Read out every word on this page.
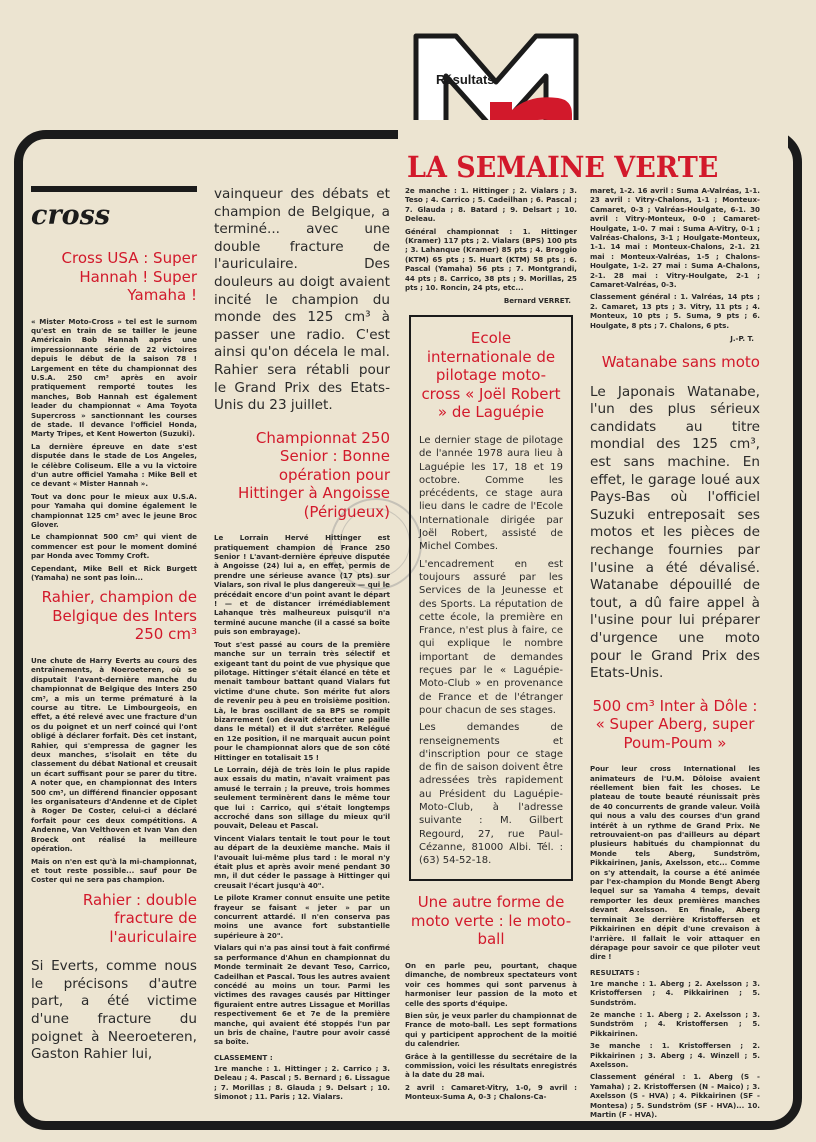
Résultats
LA SEMAINE VERTE
cross
Cross USA : Super Hannah ! Super Yamaha !

« Mister Moto-Cross » tel est le surnom qu'est en train de se tailler le jeune Américain Bob Hannah après une impressionnante série de 22 victoires depuis le début de la saison 78 ! Largement en tête du championnat des U.S.A. 250 cm³ après en avoir pratiquement remporté toutes les manches, Bob Hannah est également leader du championnat « Ama Toyota Supercross » sanctionnant les courses de stade. Il devance l'officiel Honda, Marty Tripes, et Kent Howerton (Suzuki).

La dernière épreuve en date s'est disputée dans le stade de Los Angeles, le célèbre Coliseum. Elle a vu la victoire d'un autre officiel Yamaha : Mike Bell et ce devant « Mister Hannah ».

Tout va donc pour le mieux aux U.S.A. pour Yamaha qui domine également le championnat 125 cm³ avec le jeune Broc Glover.

Le championnat 500 cm³ qui vient de commencer est pour le moment dominé par Honda avec Tommy Croft.

Cependant, Mike Bell et Rick Burgett (Yamaha) ne sont pas loin...

Rahier, champion de Belgique des Inters 250 cm³

Une chute de Harry Everts au cours des entraînements, à Noeroeteren, où se disputait l'avant-dernière manche du championnat de Belgique des Inters 250 cm³, a mis un terme prématuré à la course au titre. Le Limbourgeois, en effet, a été relevé avec une fracture d'un os du poignet et un nerf coincé qui l'ont obligé à déclarer forfait. Dès cet instant, Rahier, qui s'empressa de gagner les deux manches, s'isolait en tête du classement du débat National et creusait un écart suffisant pour se parer du titre. A noter que, en championnat des Inters 500 cm³, un différend financier opposant les organisateurs d'Andenne et de Ciplet à Roger De Coster, celui-ci a déclaré forfait pour ces deux compétitions. A Andenne, Van Velthoven et Ivan Van den Broeck ont réalisé la meilleure opération.

Mais on n'en est qu'à la mi-championnat, et tout reste possible... sauf pour De Coster qui ne sera pas champion.

Rahier : double fracture de l'auriculaire

Si Everts, comme nous le précisons d'autre part, a été victime d'une fracture du poignet à Neeroeteren, Gaston Rahier lui,

vainqueur des débats et champion de Belgique, a terminé... avec une double fracture de l'auriculaire. Des douleurs au doigt avaient incité le champion du monde des 125 cm³ à passer une radio. C'est ainsi qu'on décela le mal. Rahier sera rétabli pour le Grand Prix des Etats-Unis du 23 juillet.

Championnat 250 Senior : Bonne opération pour Hittinger à Angoisse (Périgueux)

Le Lorrain Hervé Hittinger est pratiquement champion de France 250 Senior ! L'avant-dernière épreuve disputée à Angoisse (24) lui a, en effet, permis de prendre une sérieuse avance (17 pts) sur Vialars, son rival le plus dangereux — qui le précédait encore d'un point avant le départ ! — et de distancer irrémédiablement Lahanque très malheureux puisqu'il n'a terminé aucune manche (il a cassé sa boîte puis son embrayage).

Tout s'est passé au cours de la première manche sur un terrain très sélectif et exigeant tant du point de vue physique que pilotage. Hittinger s'était élancé en tête et menait tambour battant quand Vialars fut victime d'une chute. Son mérite fut alors de revenir peu à peu en troisième position. Là, le bras oscillant de sa BPS se rompit bizarrement (on devait détecter une paille dans le métal) et il dut s'arrêter. Relégué en 12e position, il ne marquait aucun point pour le championnat alors que de son côté Hittinger en totalisait 15 !

Le Lorrain, déjà de très loin le plus rapide aux essais du matin, n'avait vraiment pas amusé le terrain ; la preuve, trois hommes seulement terminèrent dans le même tour que lui : Carrico, qui s'était longtemps accroché dans son sillage du mieux qu'il pouvait, Deleau et Pascal.

Vincent Vialars tentait le tout pour le tout au départ de la deuxième manche. Mais il l'avouait lui-même plus tard : le moral n'y était plus et après avoir mené pendant 30 mn, il dut céder le passage à Hittinger qui creusait l'écart jusqu'à 40".

Le pilote Kramer connut ensuite une petite frayeur se faisant « jeter » par un concurrent attardé. Il n'en conserva pas moins une avance fort substantielle supérieure à 20".

Vialars qui n'a pas ainsi tout à fait confirmé sa performance d'Ahun en championnat du Monde terminait 2e devant Teso, Carrico, Cadeilhan et Pascal. Tous les autres avaient concédé au moins un tour. Parmi les victimes des ravages causés par Hittinger figuraient entre autres Lissague et Morillas respectivement 6e et 7e de la première manche, qui avaient été stoppés l'un par un bris de chaîne, l'autre pour avoir cassé sa boîte.

CLASSEMENT :

1re manche : 1. Hittinger ; 2. Carrico ; 3. Deleau ; 4. Pascal ; 5. Bernard ; 6. Lissague ; 7. Morillas ; 8. Glauda ; 9. Delsart ; 10. Simonot ; 11. Paris ; 12. Vialars.

2e manche : 1. Hittinger ; 2. Vialars ; 3. Teso ; 4. Carrico ; 5. Cadeilhan ; 6. Pascal ; 7. Glauda ; 8. Batard ; 9. Delsart ; 10. Deleau.

Général championnat : 1. Hittinger (Kramer) 117 pts ; 2. Vialars (BPS) 100 pts ; 3. Lahanque (Kramer) 85 pts ; 4. Broggio (KTM) 65 pts ; 5. Huart (KTM) 58 pts ; 6. Pascal (Yamaha) 56 pts ; 7. Montgrandi, 44 pts ; 8. Carrico, 38 pts ; 9. Morillas, 25 pts ; 10. Roncin, 24 pts, etc...

Bernard VERRET.
Ecole internationale de pilotage moto-cross « Joël Robert » de Laguépie

Le dernier stage de pilotage de l'année 1978 aura lieu à Laguépie les 17, 18 et 19 octobre. Comme les précédents, ce stage aura lieu dans le cadre de l'Ecole Internationale dirigée par Joël Robert, assisté de Michel Combes.

L'encadrement en est toujours assuré par les Services de la Jeunesse et des Sports. La réputation de cette école, la première en France, n'est plus à faire, ce qui explique le nombre important de demandes reçues par le « Laguépie-Moto-Club » en provenance de France et de l'étranger pour chacun de ses stages.

Les demandes de renseignements et d'inscription pour ce stage de fin de saison doivent être adressées très rapidement au Président du Laguépie-Moto-Club, à l'adresse suivante : M. Gilbert Regourd, 27, rue Paul-Cézanne, 81000 Albi. Tél. : (63) 54-52-18.

Une autre forme de moto verte : le moto-ball

On en parle peu, pourtant, chaque dimanche, de nombreux spectateurs vont voir ces hommes qui sont parvenus à harmoniser leur passion de la moto et celle des sports d'équipe.

Bien sûr, je veux parler du championnat de France de moto-ball. Les sept formations qui y participent approchent de la moitié du calendrier.

Grâce à la gentillesse du secrétaire de la commission, voici les résultats enregistrés à la date du 28 mai.

2 avril : Camaret-Vitry, 1-0, 9 avril : Monteux-Suma A, 0-3 ; Chalons-Ca-

maret, 1-2. 16 avril : Suma A-Valréas, 1-1. 23 avril : Vitry-Chalons, 1-1 ; Monteux-Camaret, 0-3 ; Valréas-Houlgate, 6-1. 30 avril : Vitry-Monteux, 0-0 ; Camaret-Houlgate, 1-0. 7 mai : Suma A-Vitry, 0-1 ; Valréas-Chalons, 3-1 ; Houlgate-Monteux, 1-1. 14 mai : Monteux-Chalons, 2-1. 21 mai : Monteux-Valréas, 1-5 ; Chalons-Houlgate, 1-2. 27 mai : Suma A-Chalons, 2-1. 28 mai : Vitry-Houlgate, 2-1 ; Camaret-Valréas, 0-3.

Classement général : 1. Valréas, 14 pts ; 2. Camaret, 13 pts ; 3. Vitry, 11 pts ; 4. Monteux, 10 pts ; 5. Suma, 9 pts ; 6. Houlgate, 8 pts ; 7. Chalons, 6 pts.

J.-P. T.
Watanabe sans moto

Le Japonais Watanabe, l'un des plus sérieux candidats au titre mondial des 125 cm³, est sans machine. En effet, le garage loué aux Pays-Bas où l'officiel Suzuki entreposait ses motos et les pièces de rechange fournies par l'usine a été dévalisé. Watanabe dépouillé de tout, a dû faire appel à l'usine pour lui préparer d'urgence une moto pour le Grand Prix des Etats-Unis.

500 cm³ Inter à Dôle : « Super Aberg, super Poum-Poum »

Pour leur cross International les animateurs de l'U.M. Dôloise avaient réellement bien fait les choses. Le plateau de toute beauté réunissait près de 40 concurrents de grande valeur. Voilà qui nous a valu des courses d'un grand intérêt à un rythme de Grand Prix. Ne retrouvaient-on pas d'ailleurs au départ plusieurs habitués du championnat du Monde tels Aberg, Sundström, Pikkairinen, Janis, Axelsson, etc... Comme on s'y attendait, la course a été animée par l'ex-champion du Monde Bengt Aberg lequel sur sa Yamaha 4 temps, devait remporter les deux premières manches devant Axelsson. En finale, Aberg terminait 3e derrière Kristoffersen et Pikkairinen en dépit d'une crevaison à l'arrière. Il fallait le voir attaquer en dérapage pour savoir ce que piloter veut dire !

RESULTATS :

1re manche : 1. Aberg ; 2. Axelsson ; 3. Kristoffersen ; 4. Pikkairinen ; 5. Sundström.

2e manche : 1. Aberg ; 2. Axelsson ; 3. Sundström ; 4. Kristoffersen ; 5. Pikkairinen.

3e manche : 1. Kristoffersen ; 2. Pikkairinen ; 3. Aberg ; 4. Winzell ; 5. Axelsson.

Classement général : 1. Aberg (S - Yamaha) ; 2. Kristoffersen (N - Maico) ; 3. Axelsson (S - HVA) ; 4. Pikkairinen (SF - Montesa) ; 5. Sundström (SF - HVA)... 10. Martin (F - HVA).
